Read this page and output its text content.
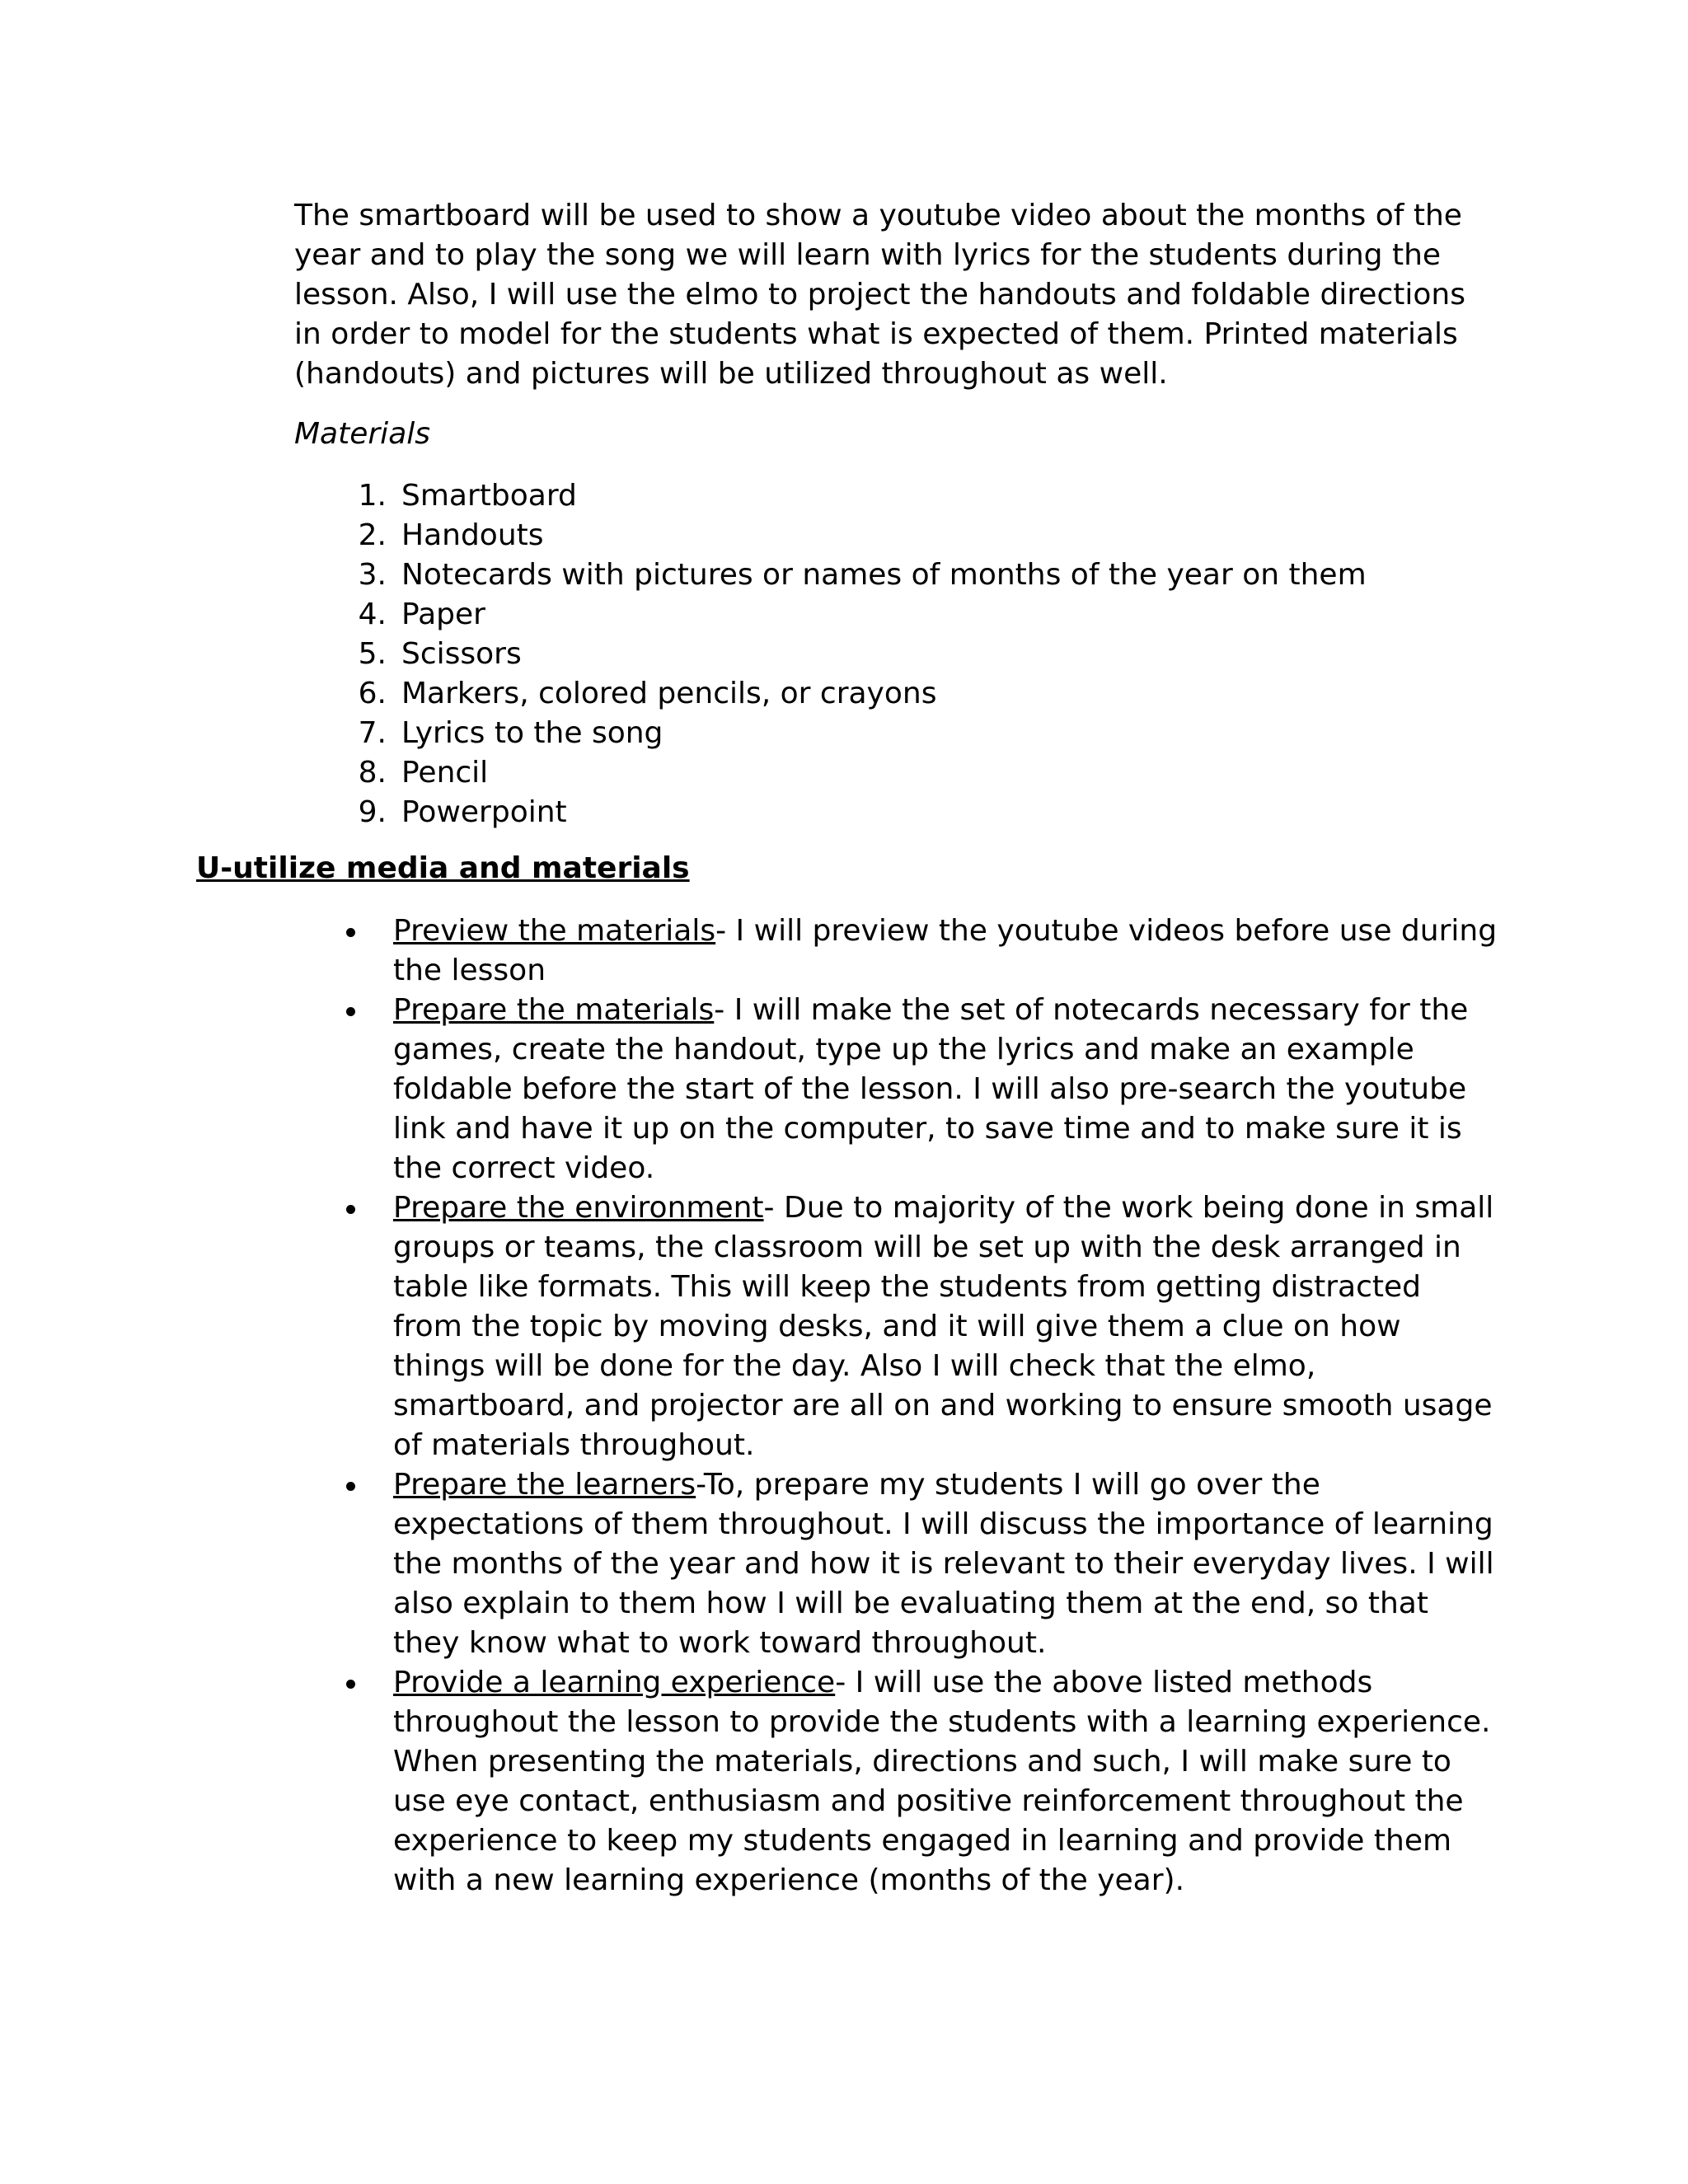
The smartboard will be used to show a youtube video about the months of the year and to play the song we will learn with lyrics for the students during the lesson. Also, I will use the elmo to project the handouts and foldable directions in order to model for the students what is expected of them. Printed materials (handouts) and pictures will be utilized throughout as well.

Materials

1. Smartboard
2. Handouts
3. Notecards with pictures or names of months of the year on them
4. Paper
5. Scissors
6. Markers, colored pencils, or crayons
7. Lyrics to the song
8. Pencil
9. Powerpoint
U-utilize media and materials
Preview the materials- I will preview the youtube videos before use during the lesson
Prepare the materials- I will make the set of notecards necessary for the games, create the handout, type up the lyrics and make an example foldable before the start of the lesson. I will also pre-search the youtube link and have it up on the computer, to save time and to make sure it is the correct video.
Prepare the environment- Due to majority of the work being done in small groups or teams, the classroom will be set up with the desk arranged in table like formats. This will keep the students from getting distracted from the topic by moving desks, and it will give them a clue on how things will be done for the day. Also I will check that the elmo, smartboard, and projector are all on and working to ensure smooth usage of materials throughout.
Prepare the learners-To, prepare my students I will go over the expectations of them throughout. I will discuss the importance of learning the months of the year and how it is relevant to their everyday lives. I will also explain to them how I will be evaluating them at the end, so that they know what to work toward throughout.
Provide a learning experience- I will use the above listed methods throughout the lesson to provide the students with a learning experience. When presenting the materials, directions and such, I will make sure to use eye contact, enthusiasm and positive reinforcement throughout the experience to keep my students engaged in learning and provide them with a new learning experience (months of the year).
